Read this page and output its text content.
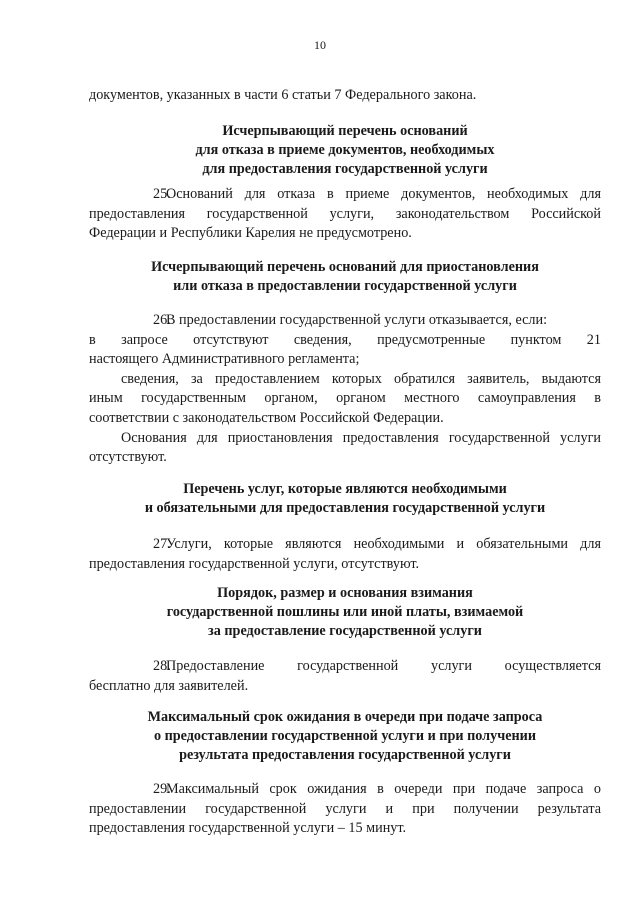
10

документов, указанных в части 6 статьи 7 Федерального закона.

Исчерпывающий перечень оснований
для отказа в приеме документов, необходимых
для предоставления государственной услуги

25.Оснований для отказа в приеме документов, необходимых для

предоставления государственной услуги, законодательством Российской

Федерации и Республики Карелия не предусмотрено.

Исчерпывающий перечень оснований для приостановления
или отказа в предоставлении государственной услуги

26.В предоставлении государственной услуги отказывается, если:

в запросе отсутствуют сведения, предусмотренные пунктом 21

настоящего Административного регламента;

сведения, за предоставлением которых обратился заявитель, выдаются

иным государственным органом, органом местного самоуправления в

соответствии с законодательством Российской Федерации.

Основания для приостановления предоставления государственной услуги

отсутствуют.

Перечень услуг, которые являются необходимыми
и обязательными для предоставления государственной услуги

27.Услуги, которые являются необходимыми и обязательными для

предоставления государственной услуги, отсутствуют.

Порядок, размер и основания взимания
государственной пошлины или иной платы, взимаемой
за предоставление государственной услуги

28.Предоставление государственной услуги осуществляется

бесплатно для заявителей.

Максимальный срок ожидания в очереди при подаче запроса
о предоставлении государственной услуги и при получении
результата предоставления государственной услуги

29.Максимальный срок ожидания в очереди при подаче запроса о

предоставлении государственной услуги и при получении результата

предоставления государственной услуги – 15 минут.
